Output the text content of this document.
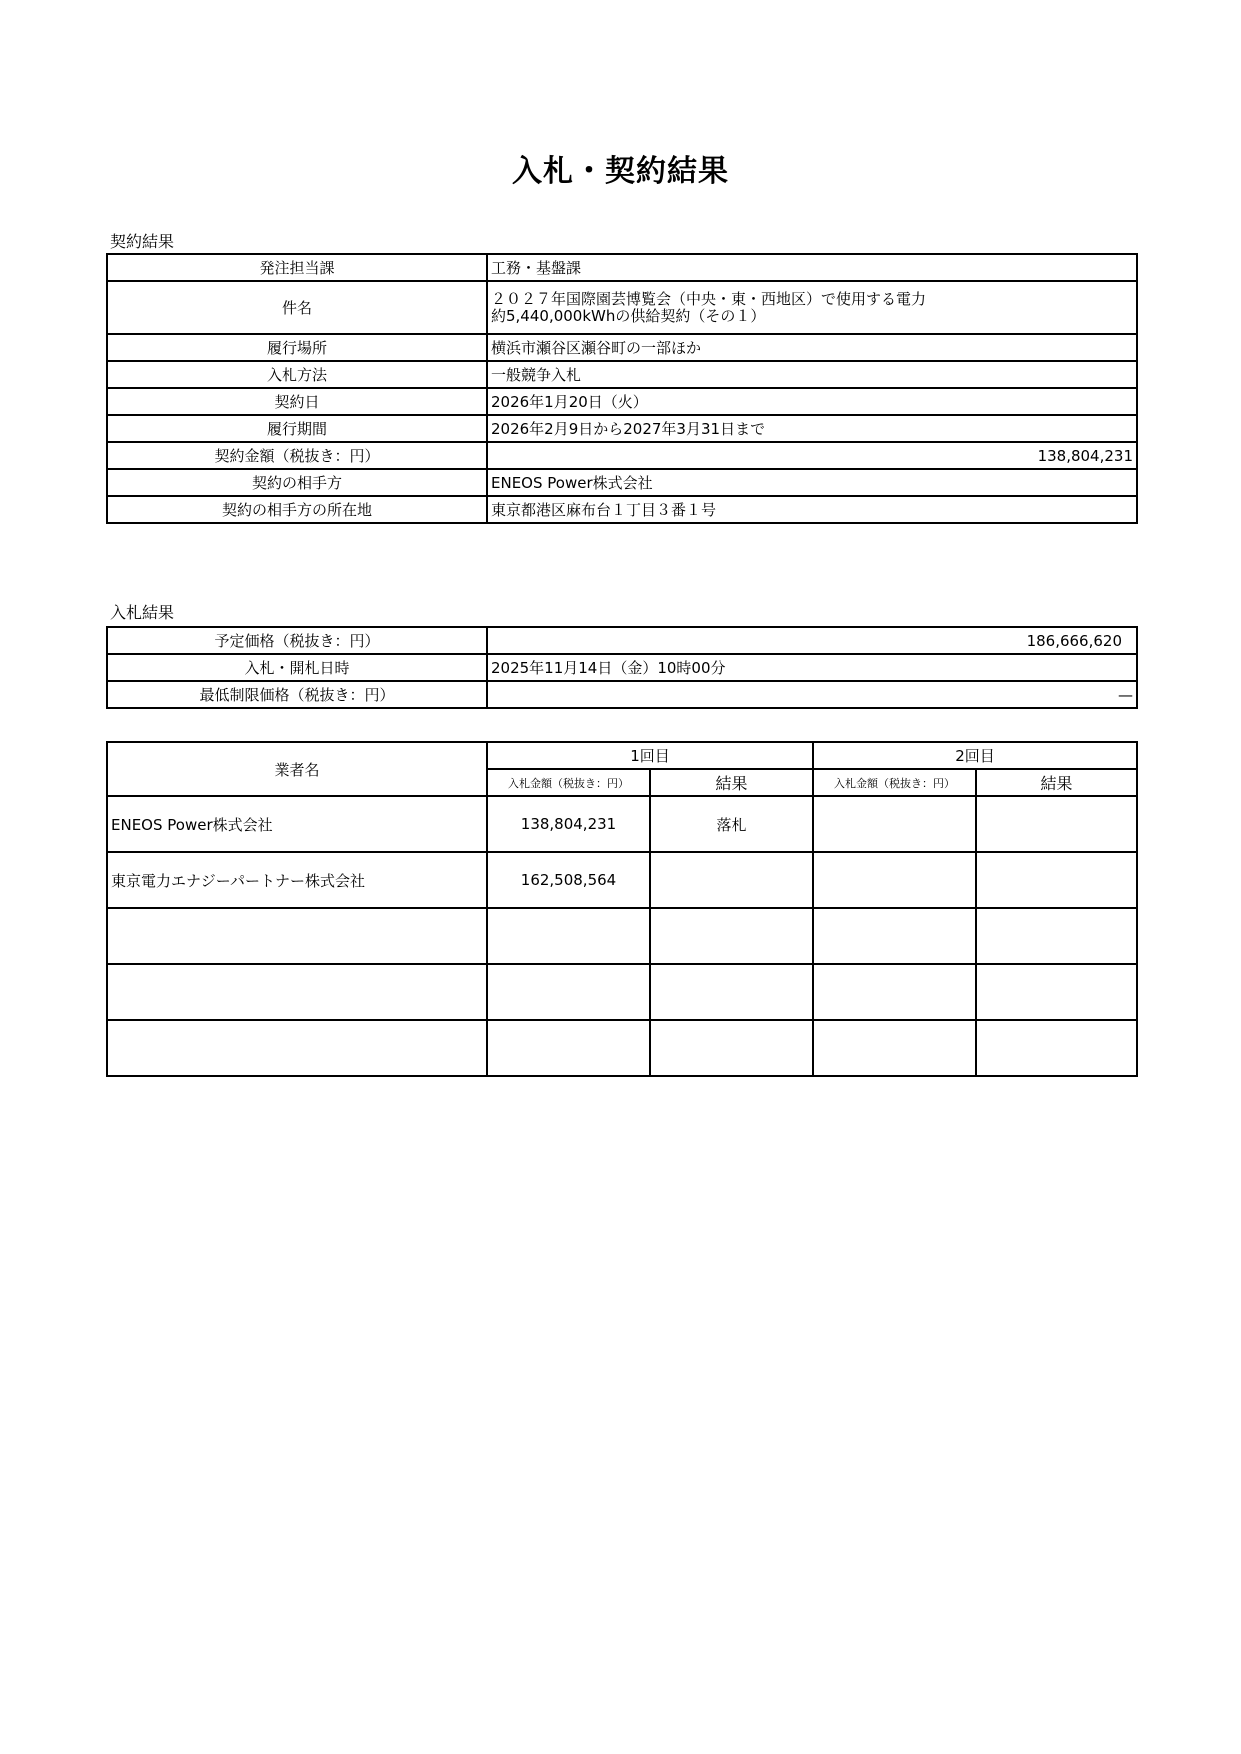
入札・契約結果
契約結果
発注担当課	工務・基盤課
件名	２０２７年国際園芸博覧会（中央・東・西地区）で使用する電力
約5,440,000kWhの供給契約（その１）

履行場所	横浜市瀬谷区瀬谷町の一部ほか
入札方法	一般競争入札
契約日	2026年1月20日（火）
履行期間	2026年2月9日から2027年3月31日まで
契約金額（税抜き：円）	138,804,231
契約の相手方	ENEOS Power株式会社
契約の相手方の所在地	東京都港区麻布台１丁目３番１号
入札結果
予定価格（税抜き：円）	186,666,620
入札・開札日時	2025年11月14日（金）10時00分
最低制限価格（税抜き：円）	—
業者名	1回目		2回目	
	入札金額（税抜き：円）	結果	入札金額（税抜き：円）	結果
ENEOS Power株式会社	138,804,231	落札		
東京電力エナジーパートナー株式会社	162,508,564			
